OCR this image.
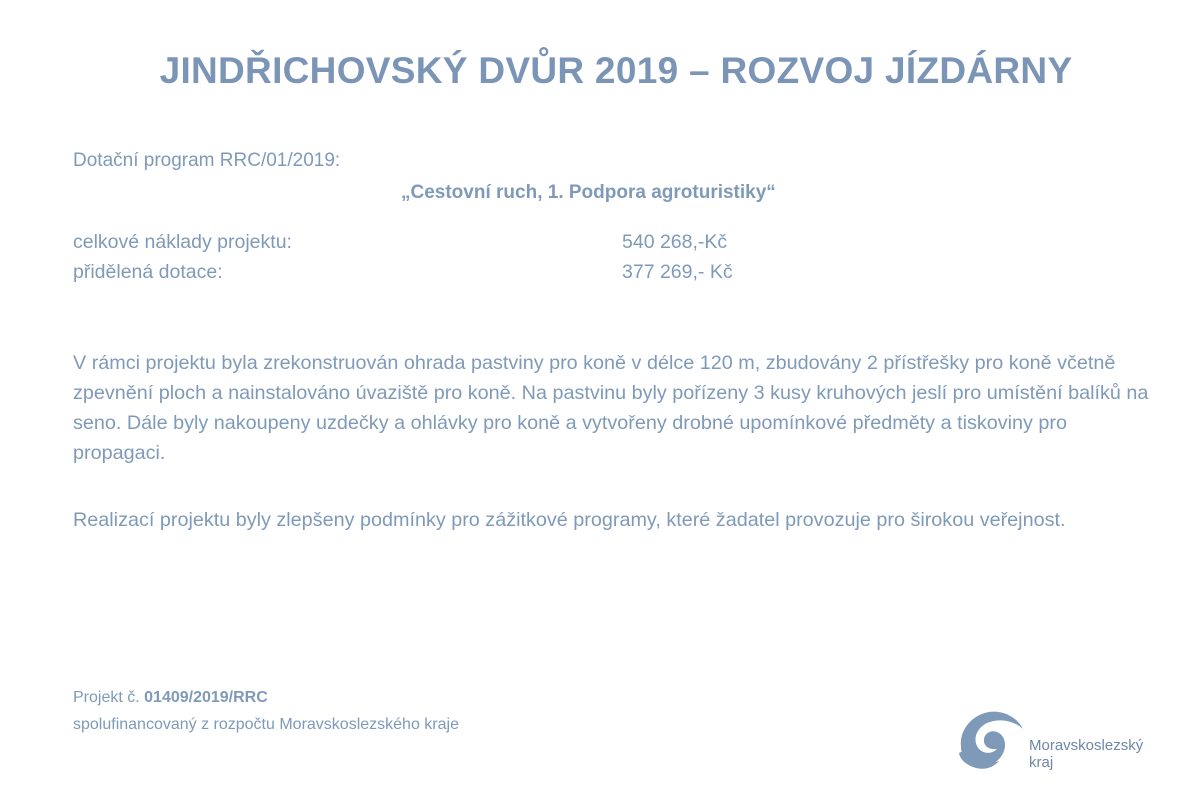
JINDŘICHOVSKÝ DVŮR 2019 – ROZVOJ JÍZDÁRNY
Dotační program RRC/01/2019:
„Cestovní ruch, 1. Podpora agroturistiky“
celkové náklady projektu:	540 268,-Kč
přidělená dotace:	377 269,- Kč
V rámci projektu byla zrekonstruován ohrada pastviny pro koně v délce 120 m, zbudovány 2 přístřešky pro koně včetně zpevnění ploch a nainstalováno úvaziště pro koně. Na pastvinu byly pořízeny 3 kusy kruhových jeslí pro umístění balíků na seno. Dále byly nakoupeny uzdečky a ohlávky pro koně a vytvořeny drobné upomínkové předměty a tiskoviny pro propagaci.
Realizací projektu byly zlepšeny podmínky pro zážitkové programy, které žadatel provozuje pro širokou veřejnost.
Projekt č. 01409/2019/RRC
spolufinancovaný z rozpočtu Moravskoslezského kraje
Moravskoslezský
kraj
